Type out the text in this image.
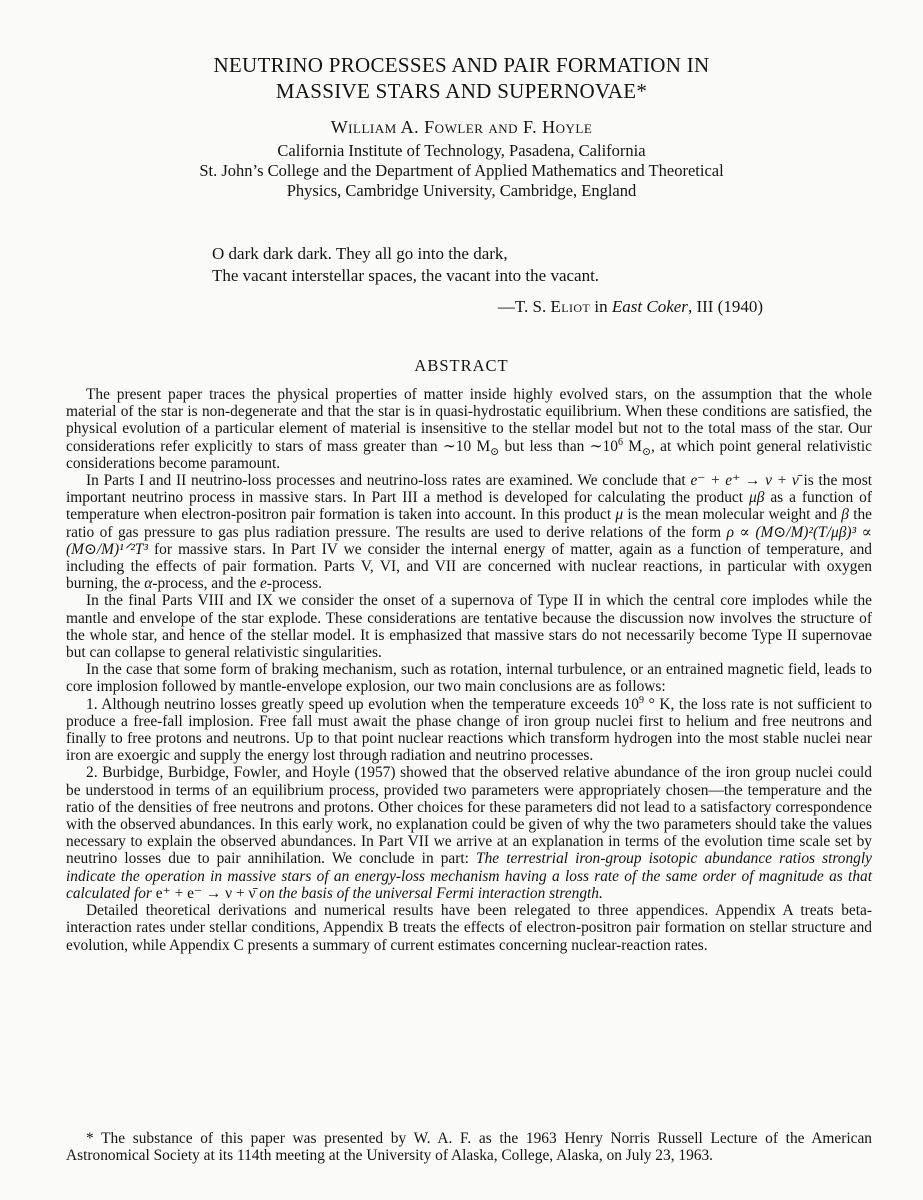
NEUTRINO PROCESSES AND PAIR FORMATION IN
MASSIVE STARS AND SUPERNOVAE*
William A. Fowler and F. Hoyle
California Institute of Technology, Pasadena, California
St. John’s College and the Department of Applied Mathematics and Theoretical
Physics, Cambridge University, Cambridge, England
O dark dark dark. They all go into the dark,
The vacant interstellar spaces, the vacant into the vacant.
—T. S. Eliot in East Coker, III (1940)
ABSTRACT

The present paper traces the physical properties of matter inside highly evolved stars, on the assumption that the whole material of the star is non-degenerate and that the star is in quasi-hydrostatic equilibrium. When these conditions are satisfied, the physical evolution of a particular element of material is insensitive to the stellar model but not to the total mass of the star. Our considerations refer explicitly to stars of mass greater than ∼10 $M_⊙$ but less than $\sim 10^6$ $M_⊙$, at which point general relativistic considerations become paramount.

In Parts I and II neutrino-loss processes and neutrino-loss rates are examined. We conclude that e⁻ + e⁺ → ν + ν̄ is the most important neutrino process in massive stars. In Part III a method is developed for calculating the product μβ as a function of temperature when electron-positron pair formation is taken into account. In this product μ is the mean molecular weight and β the ratio of gas pressure to gas plus radiation pressure. The results are used to derive relations of the form ρ ∝ (M⊙/M)²(T/μβ)³ ∝ (M⊙/M)¹ᐟ²T³ for massive stars. In Part IV we consider the internal energy of matter, again as a function of temperature, and including the effects of pair formation. Parts V, VI, and VII are concerned with nuclear reactions, in particular with oxygen burning, the α-process, and the e-process.

In the final Parts VIII and IX we consider the onset of a supernova of Type II in which the central core implodes while the mantle and envelope of the star explode. These considerations are tentative because the discussion now involves the structure of the whole star, and hence of the stellar model. It is emphasized that massive stars do not necessarily become Type II supernovae but can collapse to general relativistic singularities.

In the case that some form of braking mechanism, such as rotation, internal turbulence, or an entrained magnetic field, leads to core implosion followed by mantle-envelope explosion, our two main conclusions are as follows:

1. Although neutrino losses greatly speed up evolution when the temperature exceeds $10^9$ ° K, the loss rate is not sufficient to produce a free-fall implosion. Free fall must await the phase change of iron group nuclei first to helium and free neutrons and finally to free protons and neutrons. Up to that point nuclear reactions which transform hydrogen into the most stable nuclei near iron are exoergic and supply the energy lost through radiation and neutrino processes.

2. Burbidge, Burbidge, Fowler, and Hoyle (1957) showed that the observed relative abundance of the iron group nuclei could be understood in terms of an equilibrium process, provided two parameters were appropriately chosen—the temperature and the ratio of the densities of free neutrons and protons. Other choices for these parameters did not lead to a satisfactory correspondence with the observed abundances. In this early work, no explanation could be given of why the two parameters should take the values necessary to explain the observed abundances. In Part VII we arrive at an explanation in terms of the evolution time scale set by neutrino losses due to pair annihilation. We conclude in part: The terrestrial iron-group isotopic abundance ratios strongly indicate the operation in massive stars of an energy-loss mechanism having a loss rate of the same order of magnitude as that calculated for e⁺ + e⁻ → ν + ν̄ on the basis of the universal Fermi interaction strength.

Detailed theoretical derivations and numerical results have been relegated to three appendices. Appendix A treats beta-interaction rates under stellar conditions, Appendix B treats the effects of electron-positron pair formation on stellar structure and evolution, while Appendix C presents a summary of current estimates concerning nuclear-reaction rates.

* The substance of this paper was presented by W. A. F. as the 1963 Henry Norris Russell Lecture of the American Astronomical Society at its 114th meeting at the University of Alaska, College, Alaska, on July 23, 1963.
